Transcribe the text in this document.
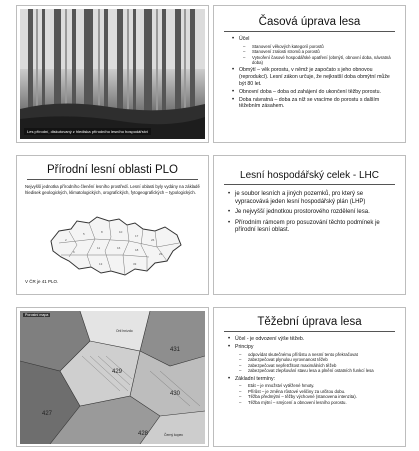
Les přírodní, diskutovaný z hlediska přírodního lesního hospodářství
Časová úprava lesa
• Účel
– Stanovení věkových kategorií porostů
– Stanovení zralosti stromů a porostů
– Vytvoření časové hospodářské opatření (obmýtí, obnovní doba, návratná doba)
• Obmýtí – věk porostu, v němž je započato s jeho obnovou (reprodukcí). Lesní zákon určuje, že nejkratší doba obmýtní může být 80 let.
• Obnovní doba – doba od zahájení do ukončení těžby porostu.
• Doba návratná – doba za níž se vracíme do porostu s dalším těžebním zásahem.
Přírodní lesní oblasti PLO
Nejvyšší jednotka přírodního členění lesního prostředí. Lesní oblasti byly vydány na základě hledisek geologických, klimatologických, orografických, fytogeografických – typologických.
2
5	8	10
17
26
6
11	16	18
29
13	33
V ČR je 41 PLO.
Lesní hospodářský celek - LHC
• je soubor lesních a jiných pozemků, pro který se vypracovává jeden lesní hospodářský plán (LHP)
• Je nejvyšší jednotkou prostorového rozdělení lesa.
• Přírodním rámcem pro posuzování těchto podmínek je přírodní lesní oblast.
Porostní mapa
431
429
427
430
428
Orlí hnízdo
Černý kopec
Těžební úprava lesa
• Účel - je odvození výše těžeb.
• Principy
– odpovídat skutečnému přírůstu a nesmí tento překračovat
– zabezpečovat plynulou vyrovnanost těžeb
– zabezpečovat nepřetržitost maximálních těžeb
– zabezpečovat zlepšování stavu lesa a plnění ostatních funkcí lesa
• Základní termíny:
– Etát – je množství vytěžené hmoty.
– Přírůst – je změna růstové veličiny za určitou dobu.
– Těžba předmýtní – těžby výchovné (stanovena intenzita).
– Těžba mýtní – smýcení a obnovení lesního porostu.
